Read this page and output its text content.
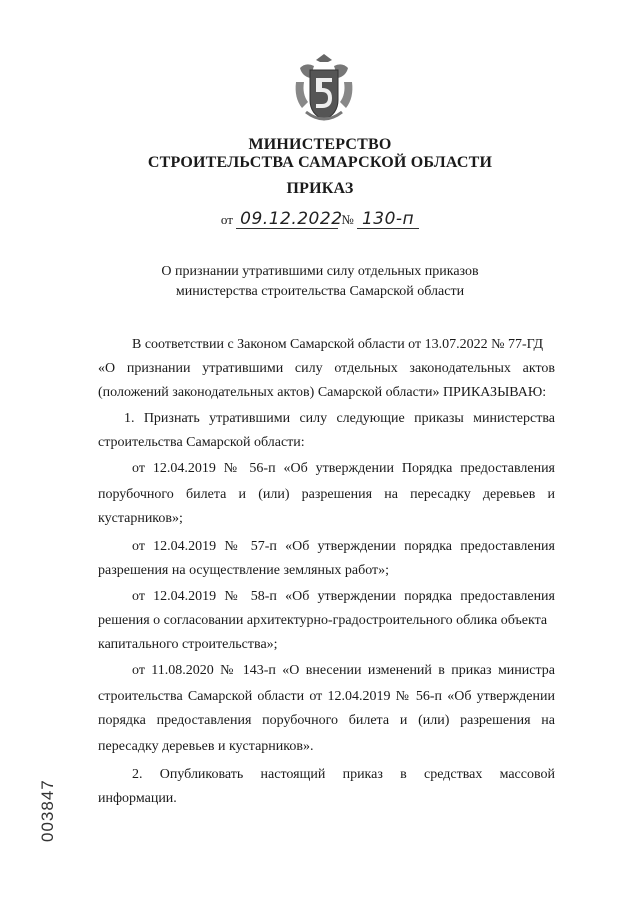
МИНИСТЕРСТВО
СТРОИТЕЛЬСТВА САМАРСКОЙ ОБЛАСТИ
ПРИКАЗ
от 09.12.2022 № 130-п
О признании утратившими силу отдельных приказов
министерства строительства Самарской области
В соответствии с Законом Самарской области от 13.07.2022 № 77-ГД
«О признании утратившими силу отдельных законодательных актов
(положений законодательных актов) Самарской области» ПРИКАЗЫВАЮ:
1. Признать утратившими силу следующие приказы министерства
строительства Самарской области:
от 12.04.2019 № 56-п «Об утверждении Порядка предоставления
порубочного билета и (или) разрешения на пересадку деревьев и
кустарников»;
от 12.04.2019 № 57-п «Об утверждении порядка предоставления
разрешения на осуществление земляных работ»;
от 12.04.2019 № 58-п «Об утверждении порядка предоставления
решения о согласовании архитектурно-градостроительного облика объекта
капитального строительства»;
от 11.08.2020 № 143-п «О внесении изменений в приказ министра
строительства Самарской области от 12.04.2019 № 56-п «Об утверждении
порядка предоставления порубочного билета и (или) разрешения на
пересадку деревьев и кустарников».
2. Опубликовать настоящий приказ в средствах массовой
информации.
003847
